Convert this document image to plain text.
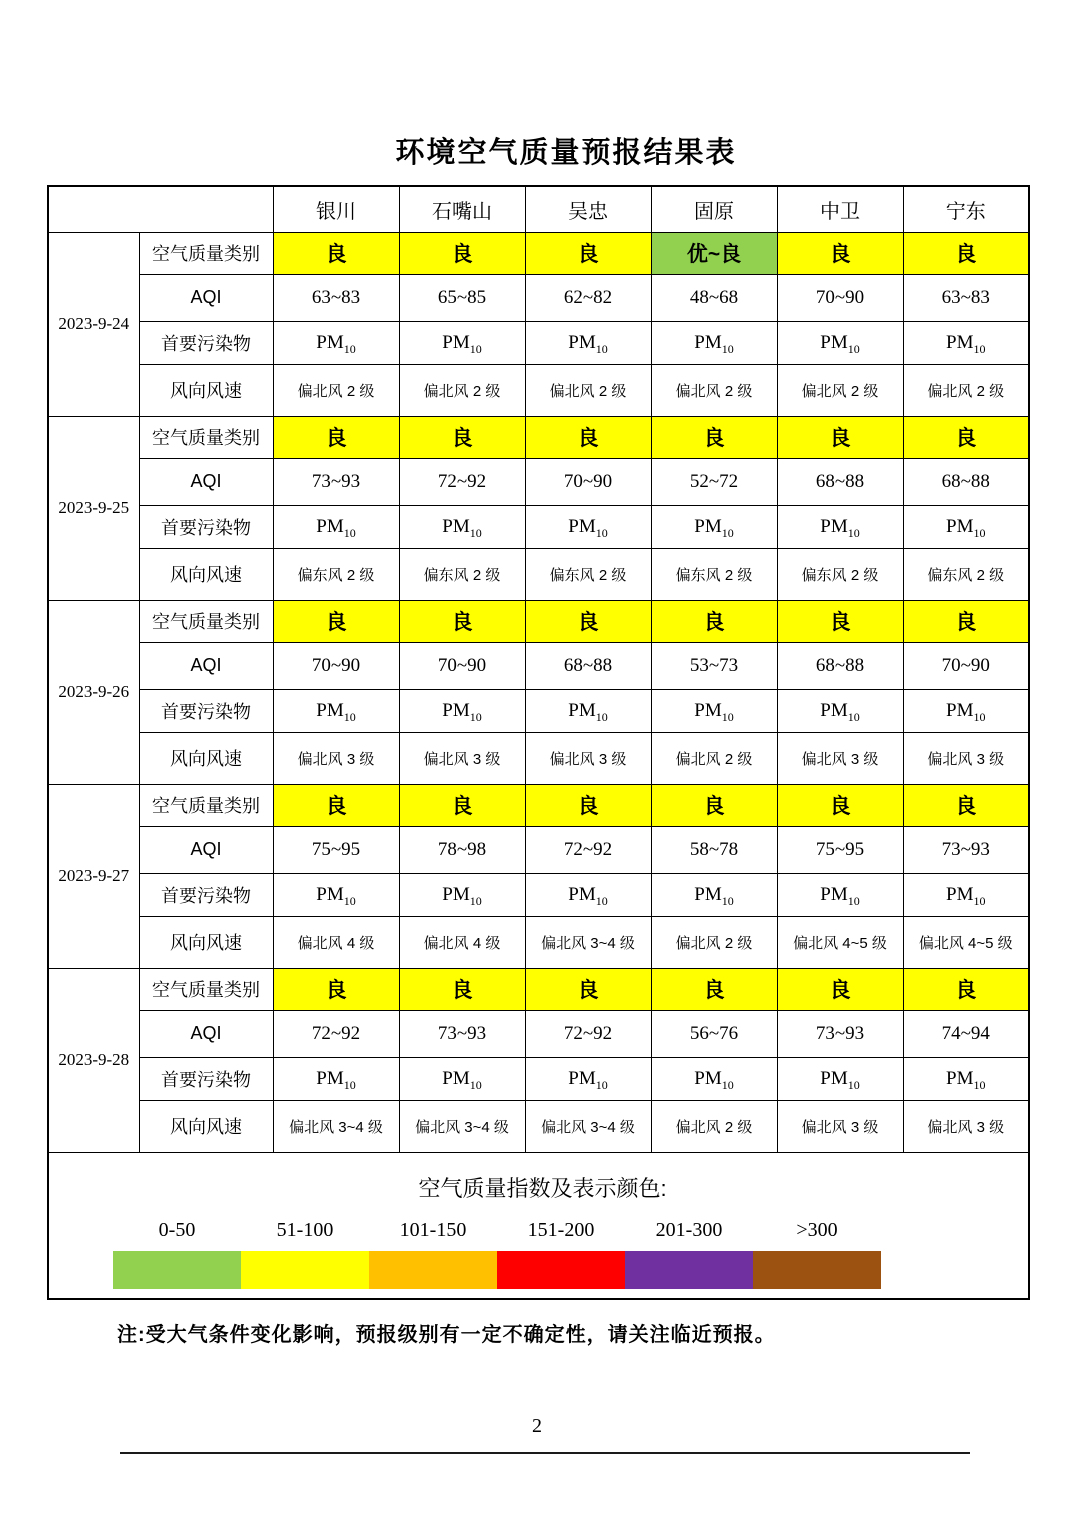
环境空气质量预报结果表
		银川	石嘴山	吴忠	固原	中卫	宁东
2023-9-24	空气质量类别	良	良	良	优~良	良	良
	AQI	63~83	65~85	62~82	48~68	70~90	63~83
	首要污染物	$PM_{10}$	$PM_{10}$	$PM_{10}$	$PM_{10}$	$PM_{10}$	$PM_{10}$
	风向风速	偏北风 2 级	偏北风 2 级	偏北风 2 级	偏北风 2 级	偏北风 2 级	偏北风 2 级
2023-9-25	空气质量类别	良	良	良	良	良	良
	AQI	73~93	72~92	70~90	52~72	68~88	68~88
	首要污染物	$PM_{10}$	$PM_{10}$	$PM_{10}$	$PM_{10}$	$PM_{10}$	$PM_{10}$
	风向风速	偏东风 2 级	偏东风 2 级	偏东风 2 级	偏东风 2 级	偏东风 2 级	偏东风 2 级
2023-9-26	空气质量类别	良	良	良	良	良	良
	AQI	70~90	70~90	68~88	53~73	68~88	70~90
	首要污染物	$PM_{10}$	$PM_{10}$	$PM_{10}$	$PM_{10}$	$PM_{10}$	$PM_{10}$
	风向风速	偏北风 3 级	偏北风 3 级	偏北风 3 级	偏北风 2 级	偏北风 3 级	偏北风 3 级
2023-9-27	空气质量类别	良	良	良	良	良	良
	AQI	75~95	78~98	72~92	58~78	75~95	73~93
	首要污染物	$PM_{10}$	$PM_{10}$	$PM_{10}$	$PM_{10}$	$PM_{10}$	$PM_{10}$
	风向风速	偏北风 4 级	偏北风 4 级	偏北风 3~4 级	偏北风 2 级	偏北风 4~5 级	偏北风 4~5 级
2023-9-28	空气质量类别	良	良	良	良	良	良
	AQI	72~92	73~93	72~92	56~76	73~93	74~94
	首要污染物	$PM_{10}$	$PM_{10}$	$PM_{10}$	$PM_{10}$	$PM_{10}$	$PM_{10}$
	风向风速	偏北风 3~4 级	偏北风 3~4 级	偏北风 3~4 级	偏北风 2 级	偏北风 3 级	偏北风 3 级

空气质量指数及表示颜色:
0-50	51-100	101-150	151-200	201-300	>300
注:受大气条件变化影响，预报级别有一定不确定性，请关注临近预报。
2
